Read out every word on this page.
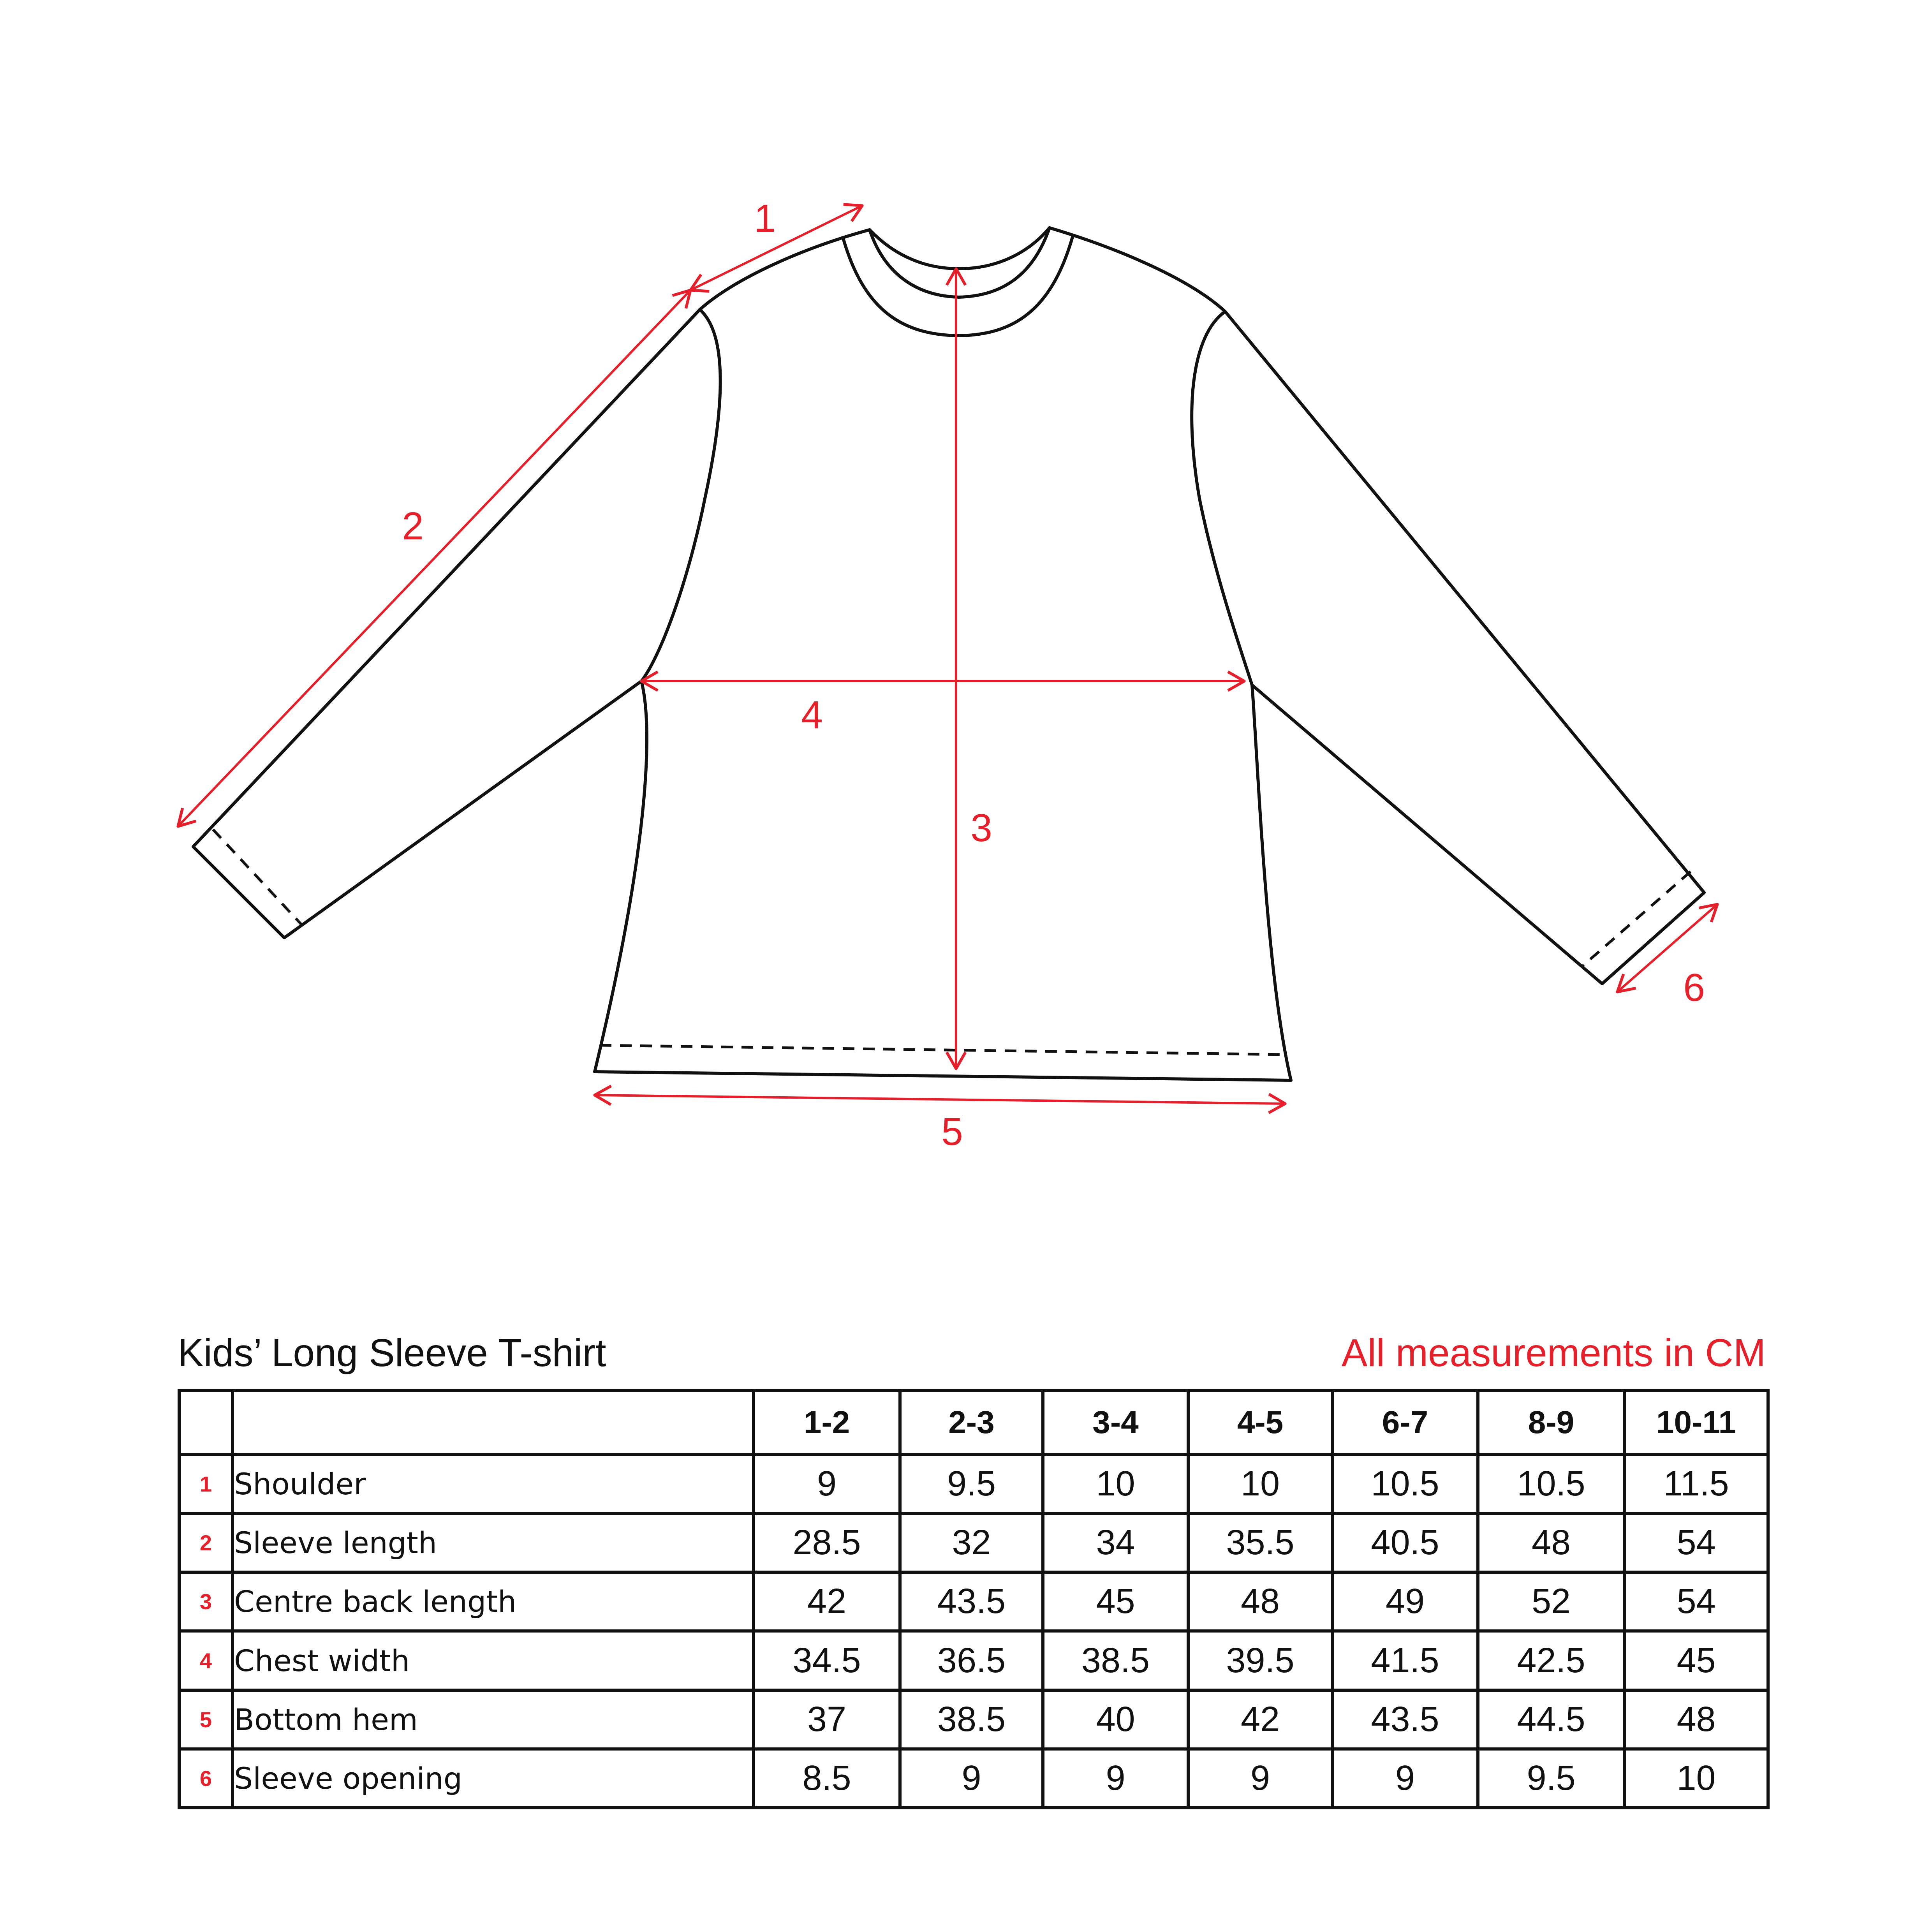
1
2
3
4
5
6
Kids’ Long Sleeve T-shirt	All measurements in CM
		1-2	2-3	3-4	4-5	6-7	8-9	10-11
1	Shoulder	9	9.5	10	10	10.5	10.5	11.5
2	Sleeve length	28.5	32	34	35.5	40.5	48	54
3	Centre back length	42	43.5	45	48	49	52	54
4	Chest width	34.5	36.5	38.5	39.5	41.5	42.5	45
5	Bottom hem	37	38.5	40	42	43.5	44.5	48
6	Sleeve opening	8.5	9	9	9	9	9.5	10
